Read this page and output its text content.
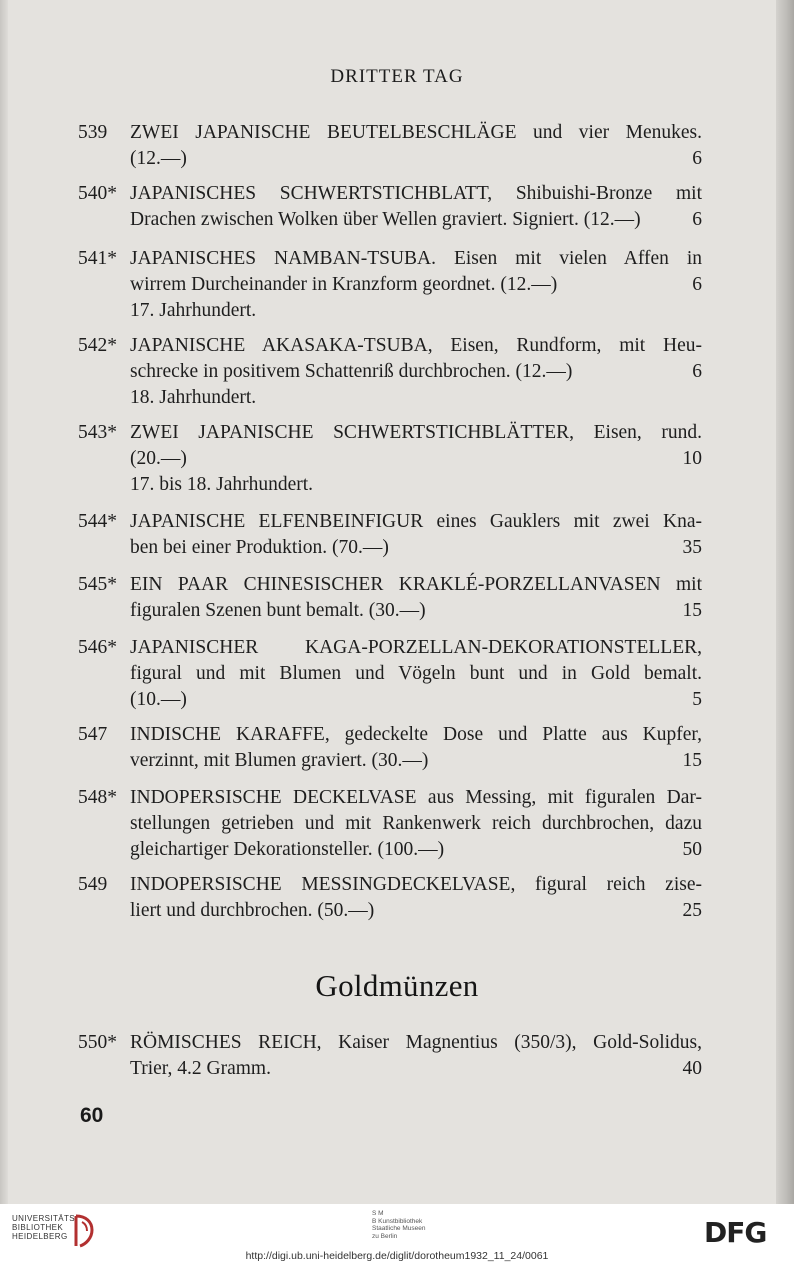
DRITTER TAG
539	ZWEI JAPANISCHE BEUTELBESCHLÄGE und vier Menukes.
(12.—)	6
540* JAPANISCHES SCHWERTSTICHBLATT, Shibuishi-Bronze mit
Drachen zwischen Wolken über Wellen graviert. Signiert. (12.—)	6
541* JAPANISCHES NAMBAN-TSUBA. Eisen mit vielen Affen in
wirrem Durcheinander in Kranzform geordnet. (12.—)	6
17. Jahrhundert.
542* JAPANISCHE AKASAKA-TSUBA, Eisen, Rundform, mit Heu-
schrecke in positivem Schattenriß durchbrochen. (12.—)	6
18. Jahrhundert.
543* ZWEI JAPANISCHE SCHWERTSTICHBLÄTTER, Eisen, rund.
(20.—)	10
17. bis 18. Jahrhundert.
544* JAPANISCHE ELFENBEINFIGUR eines Gauklers mit zwei Kna-
ben bei einer Produktion. (70.—)	35
545* EIN PAAR CHINESISCHER KRAKLÉ-PORZELLANVASEN mit
figuralen Szenen bunt bemalt. (30.—)	15
546* JAPANISCHER KAGA-PORZELLAN-DEKORATIONSTELLER,
figural und mit Blumen und Vögeln bunt und in Gold bemalt.
(10.—)	5
547	INDISCHE KARAFFE, gedeckelte Dose und Platte aus Kupfer,
verzinnt, mit Blumen graviert. (30.—)	15
548* INDOPERSISCHE DECKELVASE aus Messing, mit figuralen Dar-
stellungen getrieben und mit Rankenwerk reich durchbrochen, dazu
gleichartiger Dekorationsteller. (100.—)	50
549	INDOPERSISCHE MESSINGDECKELVASE, figural reich zise-
liert und durchbrochen. (50.—)	25
550* RÖMISCHES REICH, Kaiser Magnentius (350/3), Gold-Solidus,
Trier, 4.2 Gramm.	40
Goldmünzen
60
UNIVERSITÄTS-
BIBLIOTHEK
HEIDELBERG
S M
B Kunstbibliothek
Staatliche Museen
zu Berlin	DFG
http://digi.ub.uni-heidelberg.de/diglit/dorotheum1932_11_24/0061
